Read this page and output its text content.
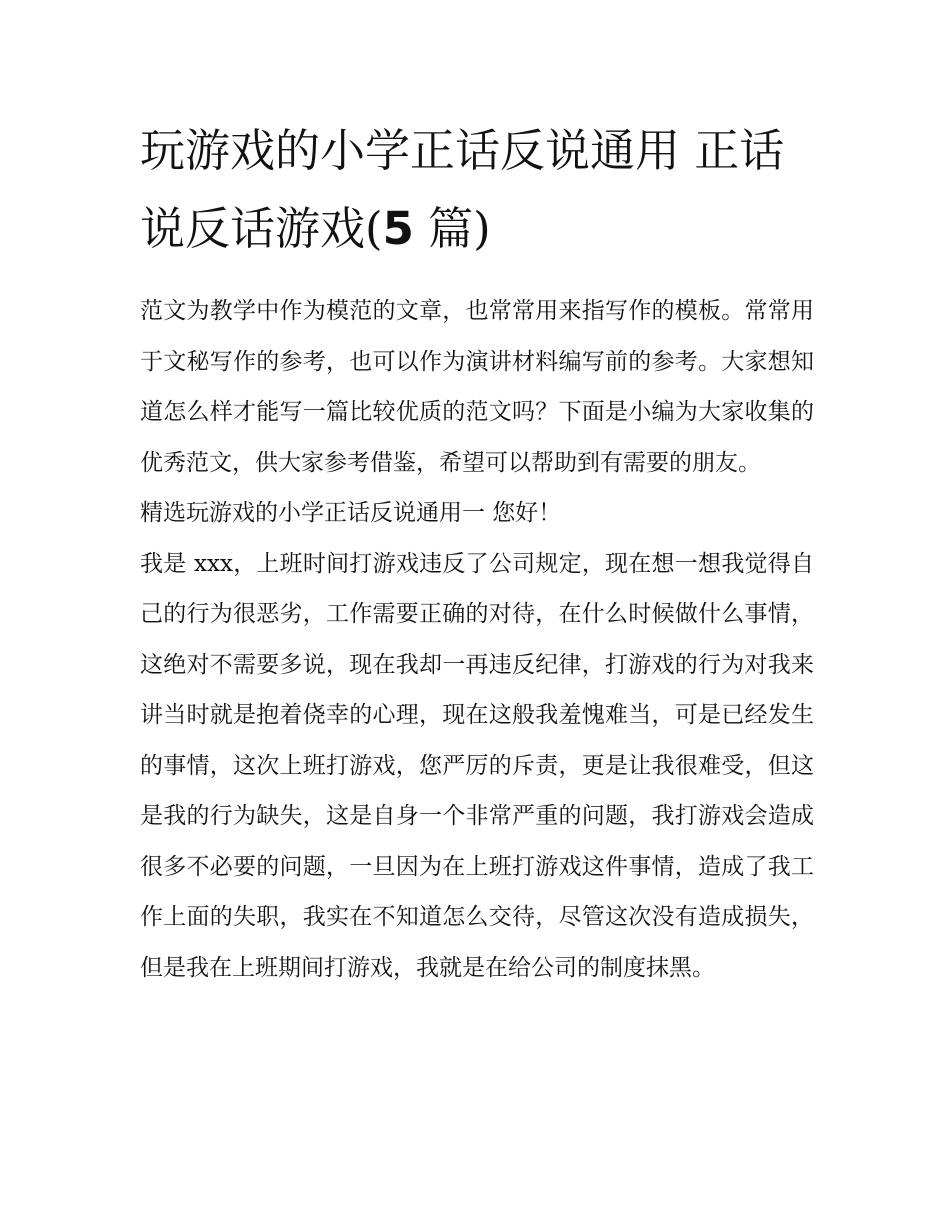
玩游戏的小学正话反说通用 正话说反话游戏(5 篇)

范文为教学中作为模范的文章，也常常用来指写作的模板。常常用于文秘写作的参考，也可以作为演讲材料编写前的参考。大家想知道怎么样才能写一篇比较优质的范文吗？下面是小编为大家收集的优秀范文，供大家参考借鉴，希望可以帮助到有需要的朋友。

精选玩游戏的小学正话反说通用一 您好！

我是 xxx，上班时间打游戏违反了公司规定，现在想一想我觉得自己的行为很恶劣，工作需要正确的对待，在什么时候做什么事情，这绝对不需要多说，现在我却一再违反纪律，打游戏的行为对我来讲当时就是抱着侥幸的心理，现在这般我羞愧难当，可是已经发生的事情，这次上班打游戏，您严厉的斥责，更是让我很难受，但这是我的行为缺失，这是自身一个非常严重的问题，我打游戏会造成很多不必要的问题，一旦因为在上班打游戏这件事情，造成了我工作上面的失职，我实在不知道怎么交待，尽管这次没有造成损失，但是我在上班期间打游戏，我就是在给公司的制度抹黑。
